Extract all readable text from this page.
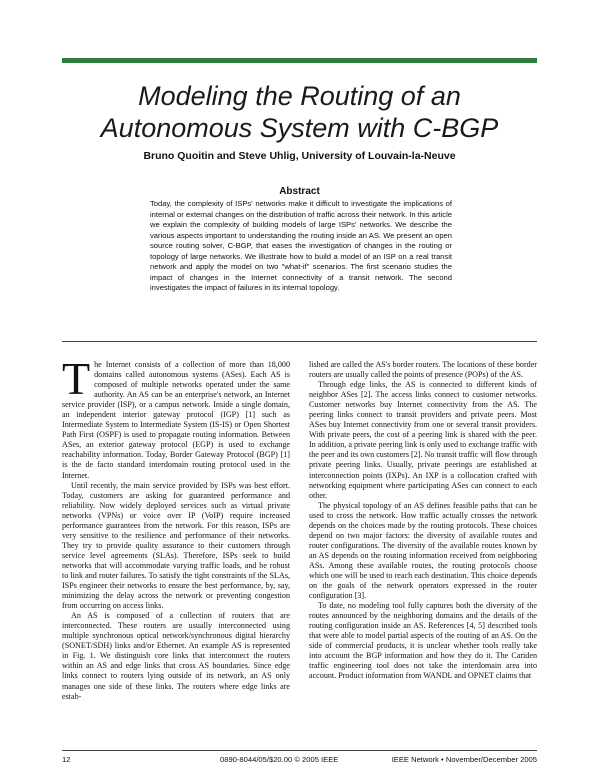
Modeling the Routing of an
Autonomous System with C-BGP

Bruno Quoitin and Steve Uhlig, University of Louvain-la-Neuve

Abstract

Today, the complexity of ISPs' networks make it difficult to investigate the implications of internal or external changes on the distribution of traffic across their network. In this article we explain the complexity of building models of large ISPs' networks. We describe the various aspects important to understanding the routing inside an AS. We present an open source routing solver, C-BGP, that eases the investigation of changes in the routing or topology of large networks. We illustrate how to build a model of an ISP on a real transit network and apply the model on two "what-if" scenarios. The first scenario studies the impact of changes in the Internet connectivity of a transit network. The second investigates the impact of failures in its internal topology.

T he Internet consists of a collection of more than 18,000 domains called autonomous systems (ASes). Each AS is composed of multiple networks operated under the same authority. An AS can be an enterprise's network, an Internet service provider (ISP), or a campus network. Inside a single domain, an independent interior gateway protocol (IGP) [1] such as Intermediate System to Intermediate System (IS-IS) or Open Shortest Path First (OSPF) is used to propagate routing information. Between ASes, an exterior gateway protocol (EGP) is used to exchange reachability information. Today, Border Gateway Protocol (BGP) [1] is the de facto standard interdomain routing protocol used in the Internet.

Until recently, the main service provided by ISPs was best effort. Today, customers are asking for guaranteed performance and reliability. Now widely deployed services such as virtual private networks (VPNs) or voice over IP (VoIP) require increased performance guarantees from the network. For this reason, ISPs are very sensitive to the resilience and performance of their networks. They try to provide quality assurance to their customers through service level agreements (SLAs). Therefore, ISPs seek to build networks that will accommodate varying traffic loads, and be robust to link and router failures. To satisfy the tight constraints of the SLAs, ISPs engineer their networks to ensure the best performance, by, say, minimizing the delay across the network or preventing congestion from occurring on access links.

An AS is composed of a collection of routers that are interconnected. These routers are usually interconnected using multiple synchronous optical network/synchronous digital hierarchy (SONET/SDH) links and/or Ethernet. An example AS is represented in Fig. 1. We distinguish core links that interconnect the routers within an AS and edge links that cross AS boundaries. Since edge links connect to routers lying outside of its network, an AS only manages one side of these links. The routers where edge links are estab-

lished are called the AS's border routers. The locations of these border routers are usually called the points of presence (POPs) of the AS.

Through edge links, the AS is connected to different kinds of neighbor ASes [2]. The access links connect to customer networks. Customer networks buy Internet connectivity from the AS. The peering links connect to transit providers and private peers. Most ASes buy Internet connectivity from one or several transit providers. With private peers, the cost of a peering link is shared with the peer. In addition, a private peering link is only used to exchange traffic with the peer and its own customers [2]. No transit traffic will flow through private peering links. Usually, private peerings are established at interconnection points (IXPs). An IXP is a collocation crafted with networking equipment where participating ASes can connect to each other.

The physical topology of an AS defines feasible paths that can be used to cross the network. How traffic actually crosses the network depends on the choices made by the routing protocols. These choices depend on two major factors: the diversity of available routes and router configurations. The diversity of the available routes known by an AS depends on the routing information received from neighboring ASs. Among these available routes, the routing protocols choose which one will be used to reach each destination. This choice depends on the goals of the network operators expressed in the router configuration [3].

To date, no modeling tool fully captures both the diversity of the routes announced by the neighboring domains and the details of the routing configuration inside an AS. References [4, 5] described tools that were able to model partial aspects of the routing of an AS. On the side of commercial products, it is unclear whether tools really take into account the BGP information and how they do it. The Cariden traffic engineering tool does not take the interdomain area into account. Product information from WANDL and OPNET claims that

12	0890-8044/05/$20.00 © 2005 IEEE	IEEE Network • November/December 2005
